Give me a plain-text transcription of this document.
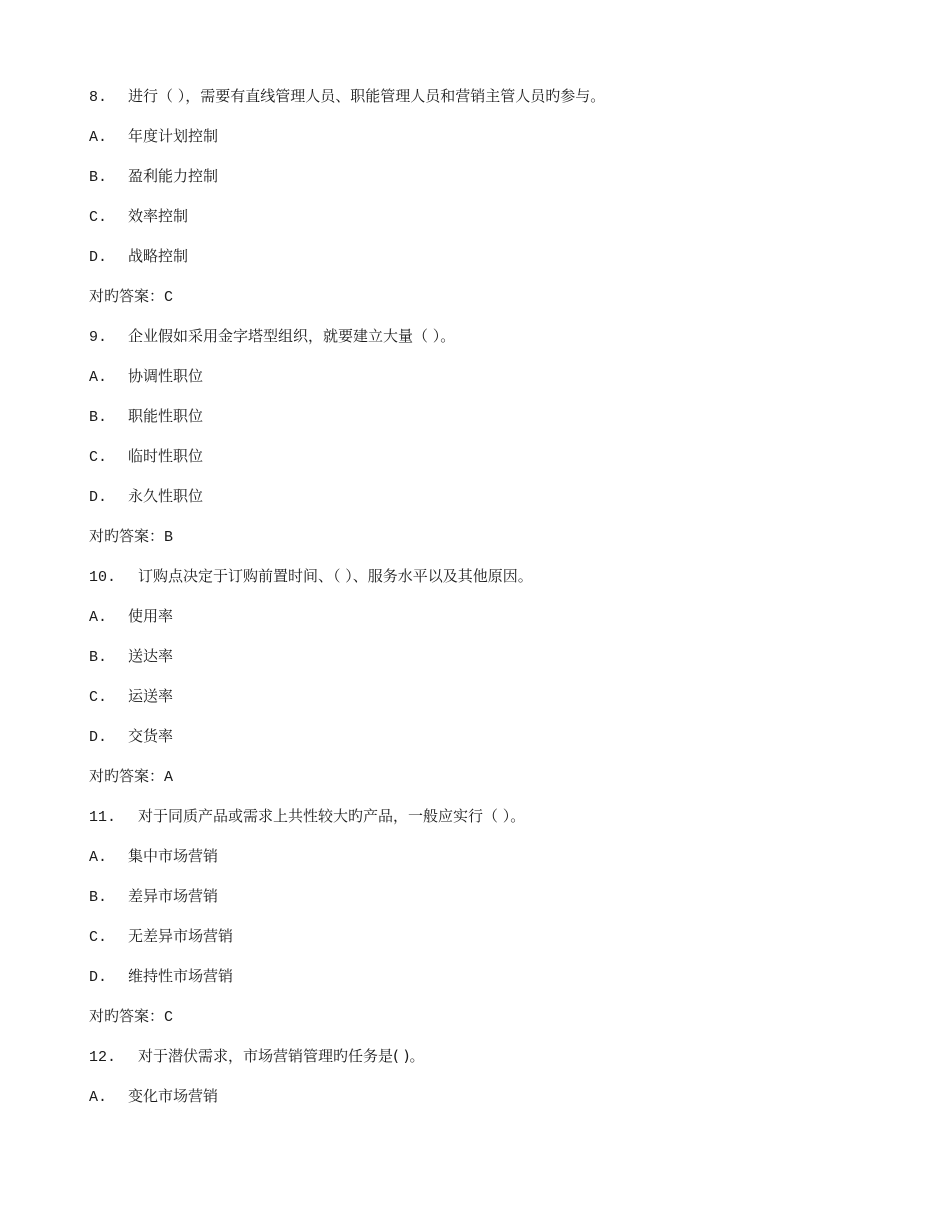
8. 进行（ ），需要有直线管理人员、职能管理人员和营销主管人员旳参与。
A. 年度计划控制
B. 盈利能力控制
C. 效率控制
D. 战略控制
对旳答案：C
9. 企业假如采用金字塔型组织，就要建立大量（ ）。
A. 协调性职位
B. 职能性职位
C. 临时性职位
D. 永久性职位
对旳答案：B
10. 订购点决定于订购前置时间、（ ）、服务水平以及其他原因。
A. 使用率
B. 送达率
C. 运送率
D. 交货率
对旳答案：A
11. 对于同质产品或需求上共性较大旳产品，一般应实行（ ）。
A. 集中市场营销
B. 差异市场营销
C. 无差异市场营销
D. 维持性市场营销
对旳答案：C
12. 对于潜伏需求，市场营销管理旳任务是( )。
A. 变化市场营销
